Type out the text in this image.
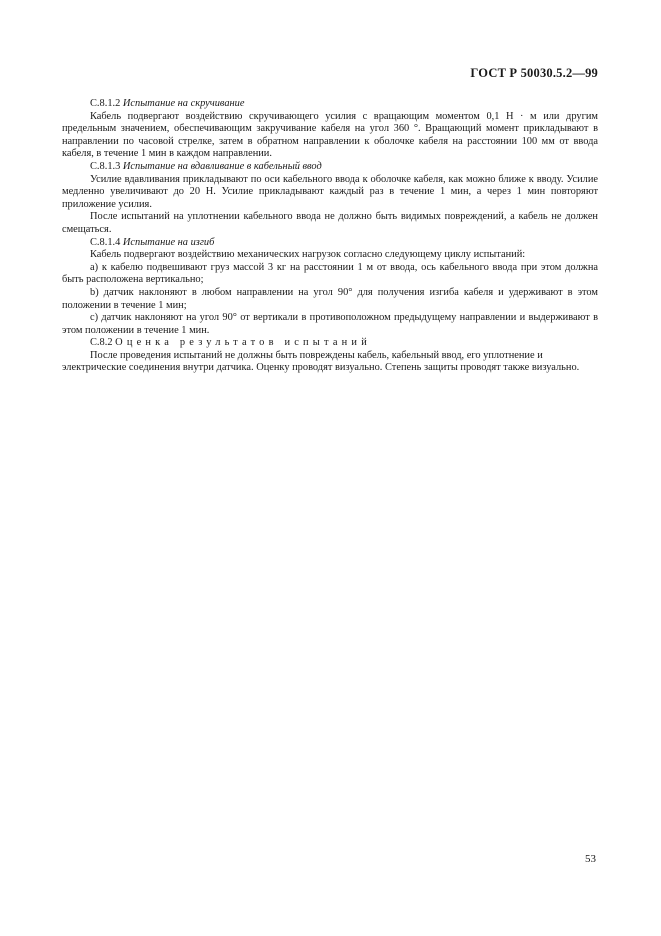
ГОСТ Р 50030.5.2—99

С.8.1.2 Испытание на скручивание

Кабель подвергают воздействию скручивающего усилия с вращающим моментом 0,1 Н · м или другим предельным значением, обеспечивающим закручивание кабеля на угол 360 °. Вращающий момент прикладывают в направлении по часовой стрелке, затем в обратном направлении к оболочке кабеля на расстоянии 100 мм от ввода кабеля, в течение 1 мин в каждом направлении.

С.8.1.3 Испытание на вдавливание в кабельный ввод

Усилие вдавливания прикладывают по оси кабельного ввода к оболочке кабеля, как можно ближе к вводу. Усилие медленно увеличивают до 20 Н. Усилие прикладывают каждый раз в течение 1 мин, а через 1 мин повторяют приложение усилия.

После испытаний на уплотнении кабельного ввода не должно быть видимых повреждений, а кабель не должен смещаться.

С.8.1.4 Испытание на изгиб

Кабель подвергают воздействию механических нагрузок согласно следующему циклу испытаний:

а) к кабелю подвешивают груз массой 3 кг на расстоянии 1 м от ввода, ось кабельного ввода при этом должна быть расположена вертикально;

b) датчик наклоняют в любом направлении на угол 90° для получения изгиба кабеля и удерживают в этом положении в течение 1 мин;

с) датчик наклоняют на угол 90° от вертикали в противоположном предыдущему направлении и выдерживают в этом положении в течение 1 мин.

С.8.2 Оценка результатов испытаний

После проведения испытаний не должны быть повреждены кабель, кабельный ввод, его уплотнение и электрические соединения внутри датчика. Оценку проводят визуально. Степень защиты проводят также визуально.

53
